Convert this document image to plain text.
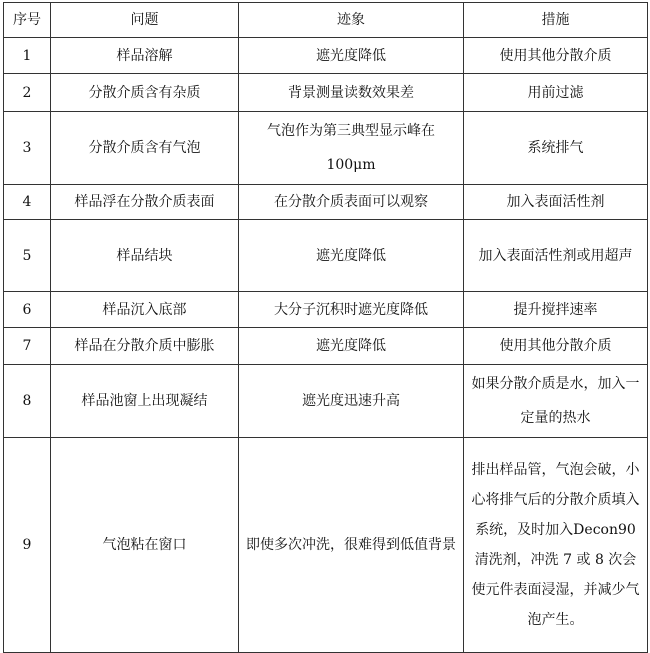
序号	问题	迹象	措施
1	样品溶解	遮光度降低	使用其他分散介质
2	分散介质含有杂质	背景测量读数效果差	用前过滤
3	分散介质含有气泡	气泡作为第三典型显示峰在100μm	系统排气
4	样品浮在分散介质表面	在分散介质表面可以观察	加入表面活性剂
5	样品结块	遮光度降低	加入表面活性剂或用超声
6	样品沉入底部	大分子沉积时遮光度降低	提升搅拌速率
7	样品在分散介质中膨胀	遮光度降低	使用其他分散介质
8	样品池窗上出现凝结	遮光度迅速升高	如果分散介质是水，加入一定量的热水
9	气泡粘在窗口	即使多次冲洗，很难得到低值背景	排出样品管，气泡会破，小心将排气后的分散介质填入系统，及时加入Decon90 清洗剂，冲洗 7 或 8 次会使元件表面浸湿，并减少气泡产生。
